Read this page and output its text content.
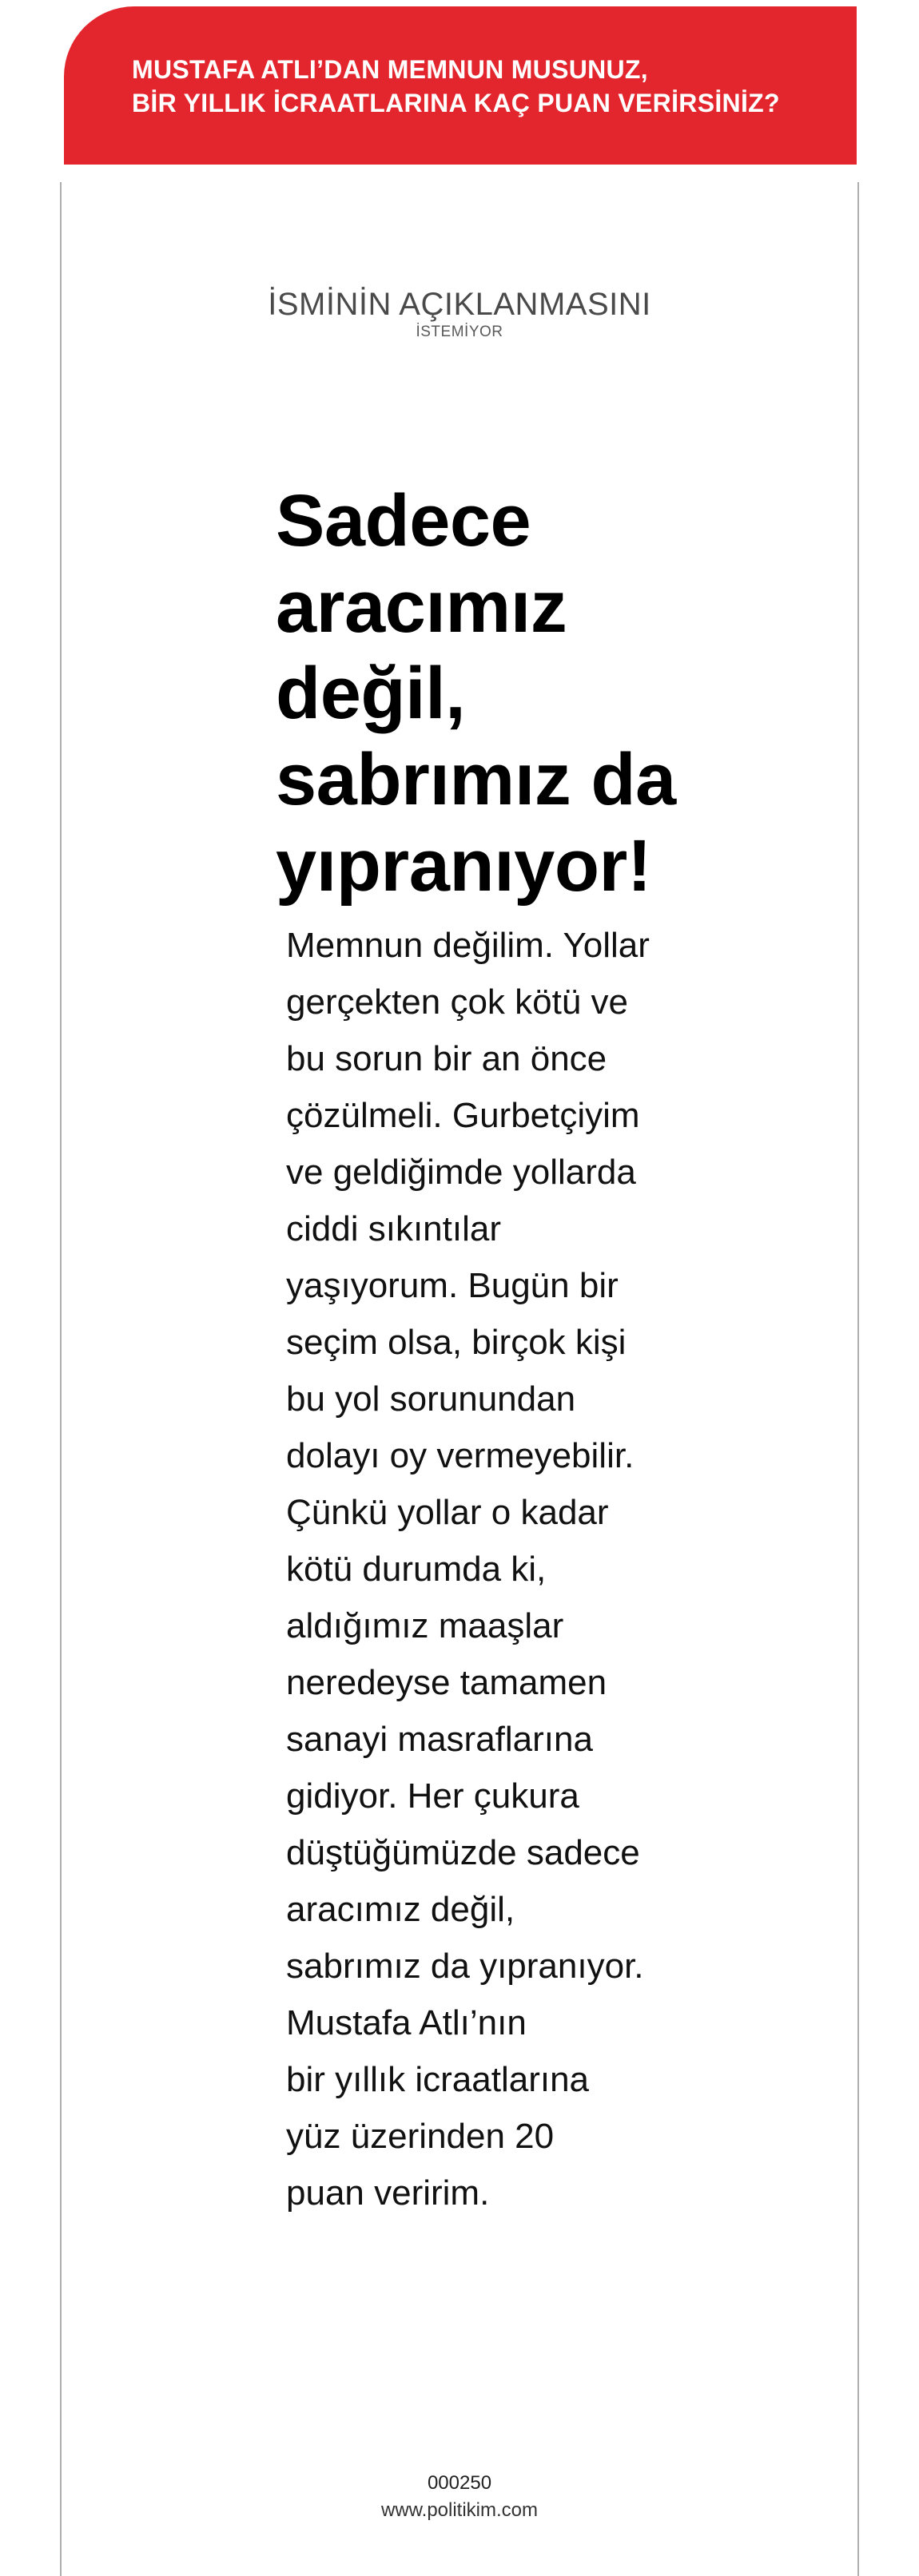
MUSTAFA ATLI’DAN MEMNUN MUSUNUZ,
BİR YILLIK İCRAATLARINA KAÇ PUAN VERİRSİNİZ?
İSMİNİN AÇIKLANMASINI
İSTEMİYOR
Sadece
aracımız
değil,
sabrımız da
yıpranıyor!
Memnun değilim. Yollar
gerçekten çok kötü ve
bu sorun bir an önce
çözülmeli. Gurbetçiyim
ve geldiğimde yollarda
ciddi sıkıntılar
yaşıyorum. Bugün bir
seçim olsa, birçok kişi
bu yol sorunundan
dolayı oy vermeyebilir.
Çünkü yollar o kadar
kötü durumda ki,
aldığımız maaşlar
neredeyse tamamen
sanayi masraflarına
gidiyor. Her çukura
düştüğümüzde sadece
aracımız değil,
sabrımız da yıpranıyor.
Mustafa Atlı’nın
bir yıllık icraatlarına
yüz üzerinden 20
puan veririm.
000250
www.politikim.com
